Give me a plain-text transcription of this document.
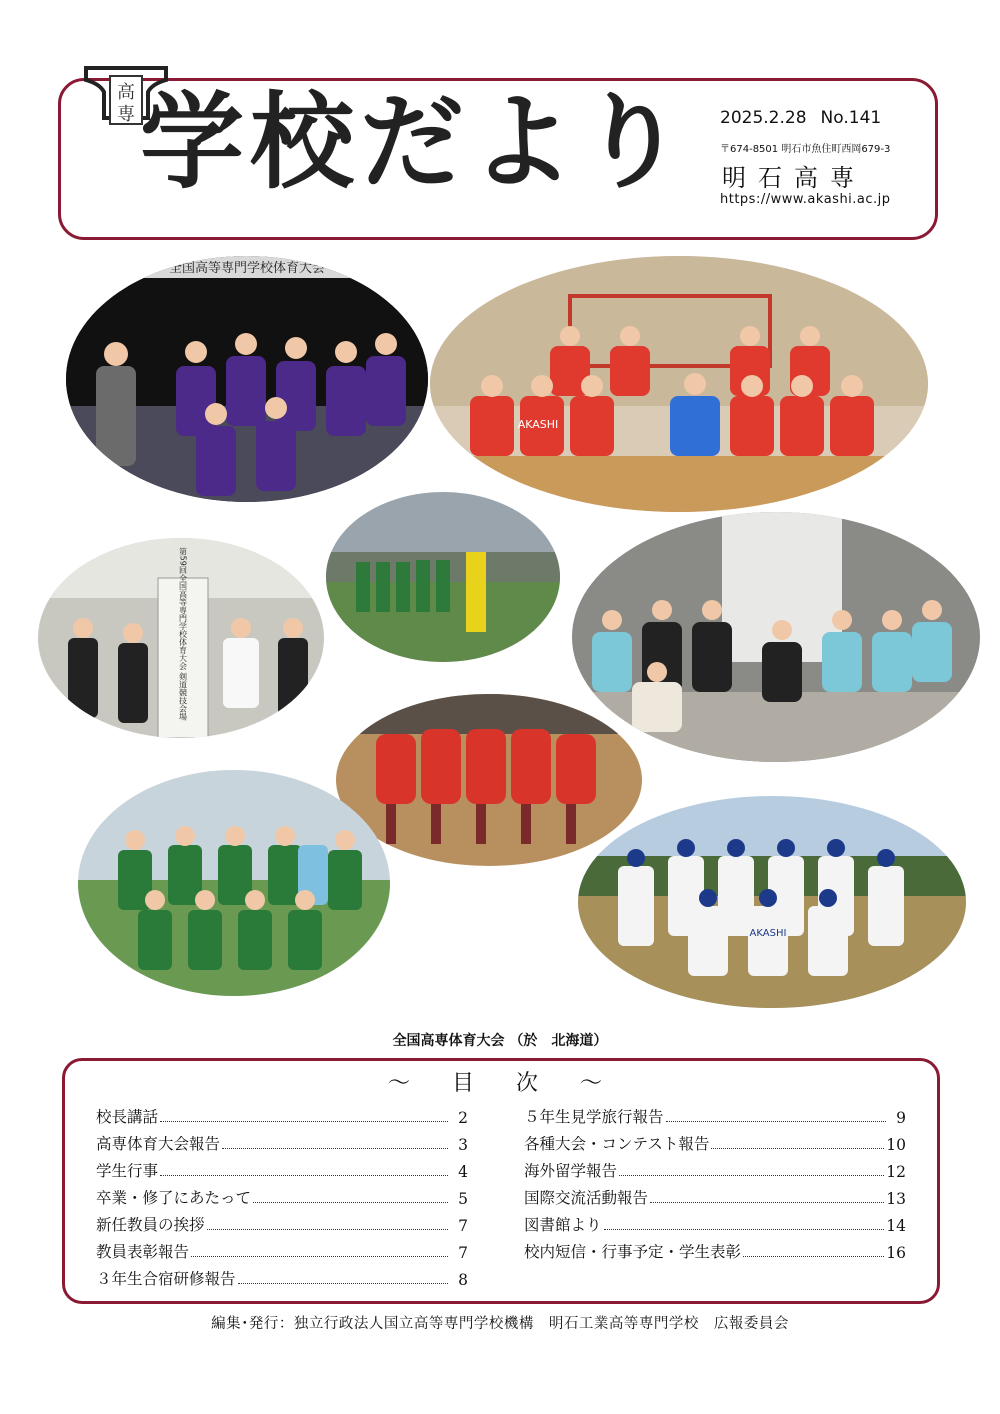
高
専 学校だより 2025.2.28 No.141
〒674-8501 明石市魚住町西岡679-3
明石高専
https://www.akashi.ac.jp
全国高等専門学校体育大会
AKASHI
第59回全国高等専門学校体育大会 剣道競技会場
AKASHI
全国高専体育大会 （於　北海道）
〜　目　次　〜
校長講話	2
高専体育大会報告	3
学生行事	4
卒業・修了にあたって	5
新任教員の挨拶	7
教員表彰報告	7
３年生合宿研修報告	8
５年生見学旅行報告	9
各種大会・コンテスト報告	10
海外留学報告	12
国際交流活動報告	13
図書館より	14
校内短信・行事予定・学生表彰	16
編集･発行：独立行政法人国立高等専門学校機構　明石工業高等専門学校　広報委員会
